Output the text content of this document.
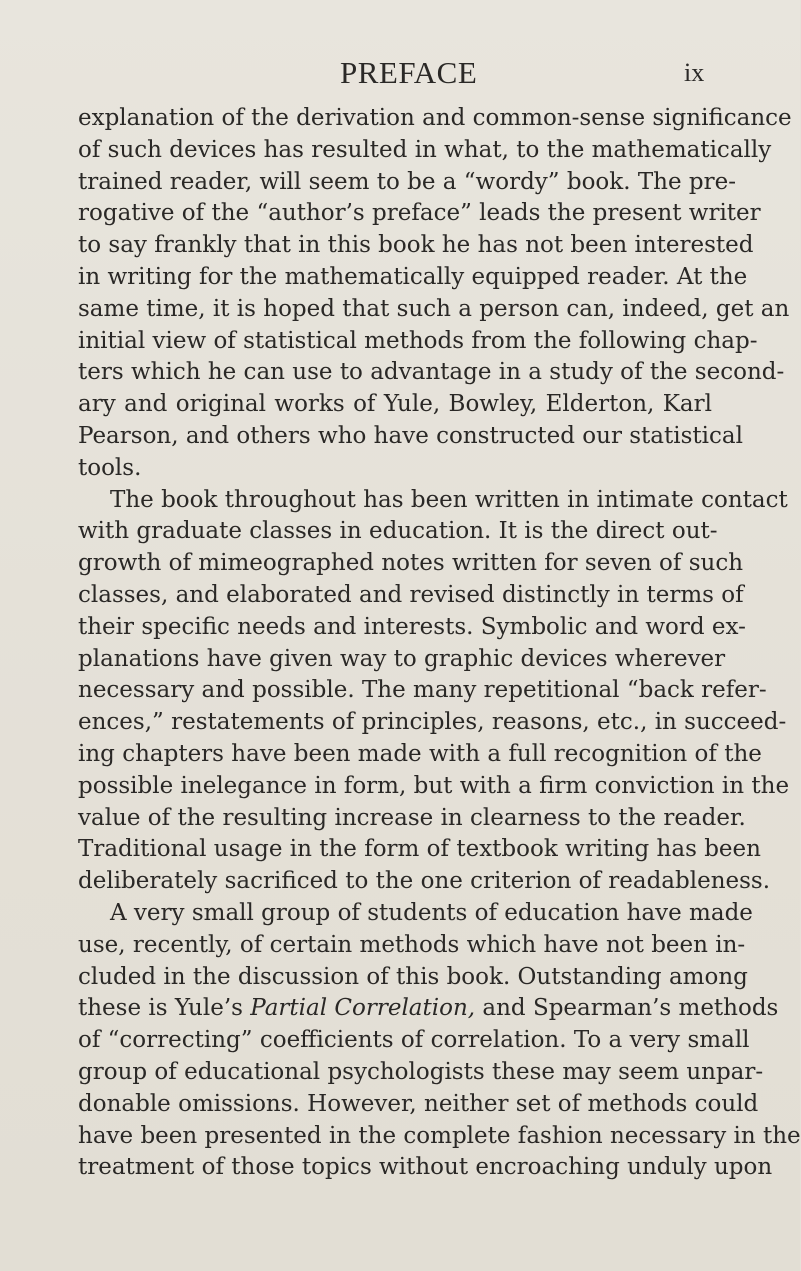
PREFACE	ix
explanation of the derivation and common-sense significance
of such devices has resulted in what, to the mathematically
trained reader, will seem to be a “wordy” book. The pre-
rogative of the “author’s preface” leads the present writer
to say frankly that in this book he has not been interested
in writing for the mathematically equipped reader. At the
same time, it is hoped that such a person can, indeed, get an
initial view of statistical methods from the following chap-
ters which he can use to advantage in a study of the second-
ary and original works of Yule, Bowley, Elderton, Karl
Pearson, and others who have constructed our statistical
tools.
The book throughout has been written in intimate contact
with graduate classes in education. It is the direct out-
growth of mimeographed notes written for seven of such
classes, and elaborated and revised distinctly in terms of
their specific needs and interests. Symbolic and word ex-
planations have given way to graphic devices wherever
necessary and possible. The many repetitional “back refer-
ences,” restatements of principles, reasons, etc., in succeed-
ing chapters have been made with a full recognition of the
possible inelegance in form, but with a firm conviction in the
value of the resulting increase in clearness to the reader.
Traditional usage in the form of textbook writing has been
deliberately sacrificed to the one criterion of readableness.
A very small group of students of education have made
use, recently, of certain methods which have not been in-
cluded in the discussion of this book. Outstanding among
these is Yule’s Partial Correlation, and Spearman’s methods
of “correcting” coefficients of correlation. To a very small
group of educational psychologists these may seem unpar-
donable omissions. However, neither set of methods could
have been presented in the complete fashion necessary in the
treatment of those topics without encroaching unduly upon
